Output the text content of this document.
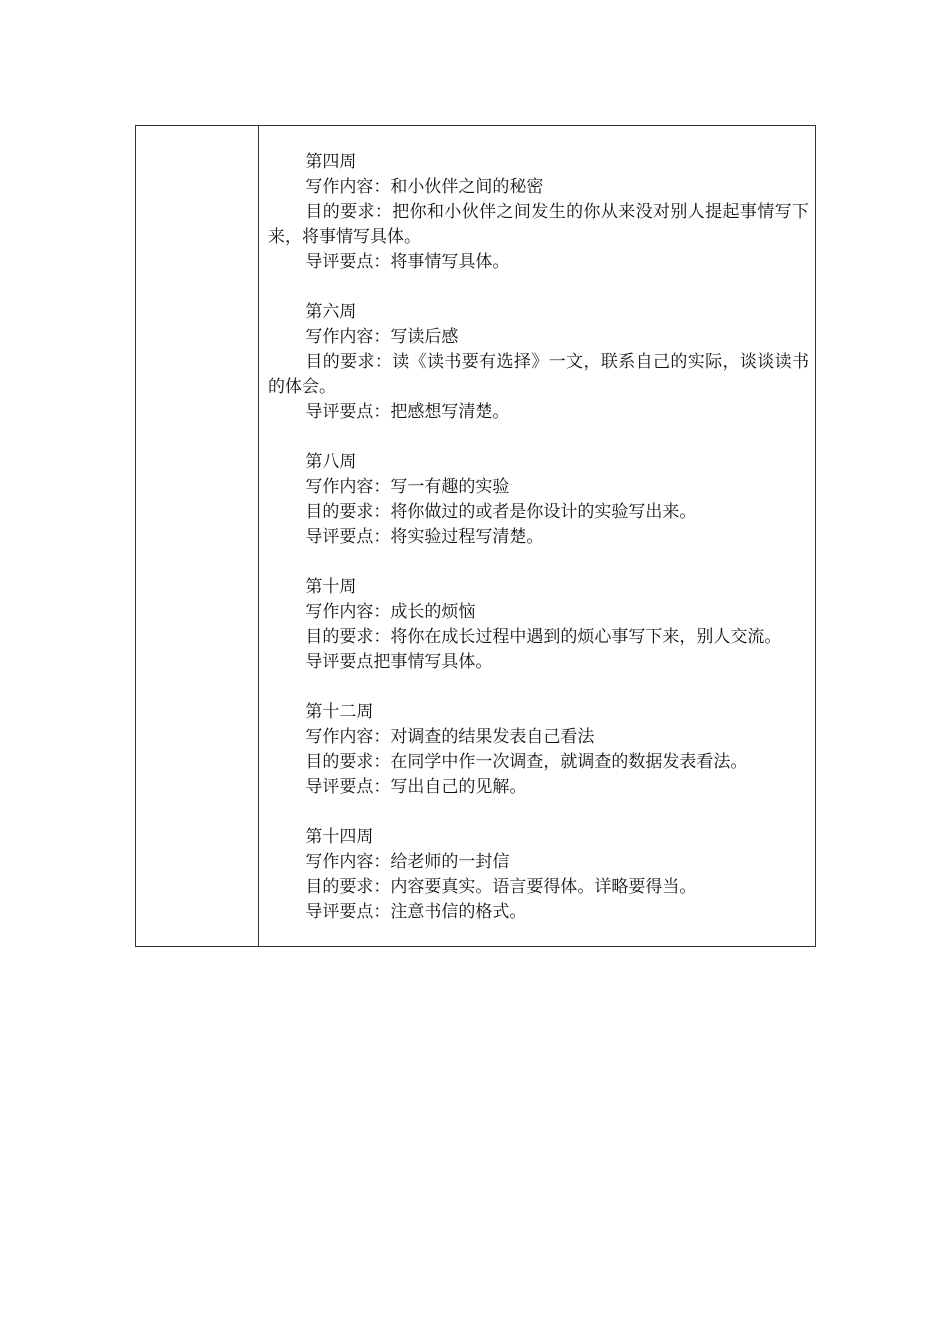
第四周

写作内容：和小伙伴之间的秘密

目的要求：把你和小伙伴之间发生的你从来没对别人提起事情写下来，将事情写具体。

导评要点：将事情写具体。

第六周

写作内容：写读后感

目的要求：读《读书要有选择》一文，联系自己的实际，谈谈读书的体会。

导评要点：把感想写清楚。

第八周

写作内容：写一有趣的实验

目的要求：将你做过的或者是你设计的实验写出来。

导评要点：将实验过程写清楚。

第十周

写作内容：成长的烦恼

目的要求：将你在成长过程中遇到的烦心事写下来，别人交流。

导评要点把事情写具体。

第十二周

写作内容：对调查的结果发表自己看法

目的要求：在同学中作一次调查，就调查的数据发表看法。

导评要点：写出自己的见解。

第十四周

写作内容：给老师的一封信

目的要求：内容要真实。语言要得体。详略要得当。

导评要点：注意书信的格式。
